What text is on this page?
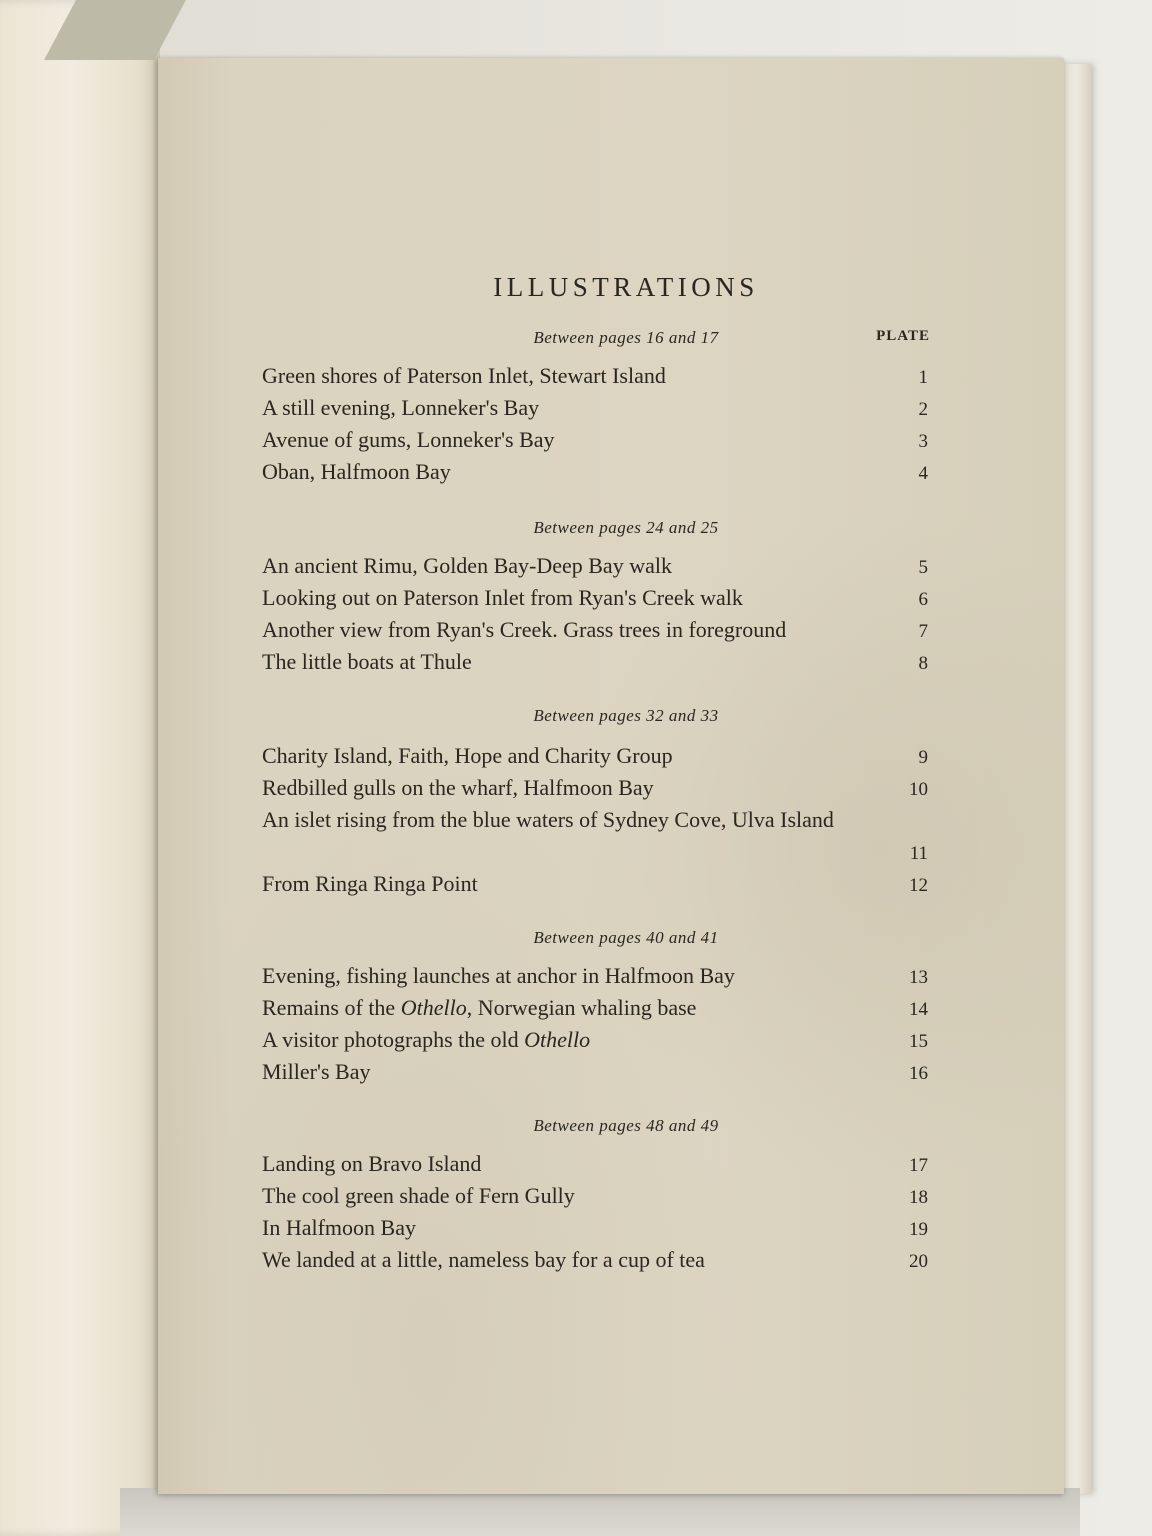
ILLUSTRATIONS
Between pages 16 and 17	PLATE
Green shores of Paterson Inlet, Stewart Island	1
A still evening, Lonneker's Bay	2
Avenue of gums, Lonneker's Bay	3
Oban, Halfmoon Bay	4
Between pages 24 and 25
An ancient Rimu, Golden Bay-Deep Bay walk	5
Looking out on Paterson Inlet from Ryan's Creek walk	6
Another view from Ryan's Creek. Grass trees in foreground	7
The little boats at Thule	8
Between pages 32 and 33
Charity Island, Faith, Hope and Charity Group	9
Redbilled gulls on the wharf, Halfmoon Bay	10
An islet rising from the blue waters of Sydney Cove, Ulva Island
11
From Ringa Ringa Point	12
Between pages 40 and 41
Evening, fishing launches at anchor in Halfmoon Bay	13
Remains of the Othello, Norwegian whaling base	14
A visitor photographs the old Othello	15
Miller's Bay	16
Between pages 48 and 49
Landing on Bravo Island	17
The cool green shade of Fern Gully	18
In Halfmoon Bay	19
We landed at a little, nameless bay for a cup of tea	20
